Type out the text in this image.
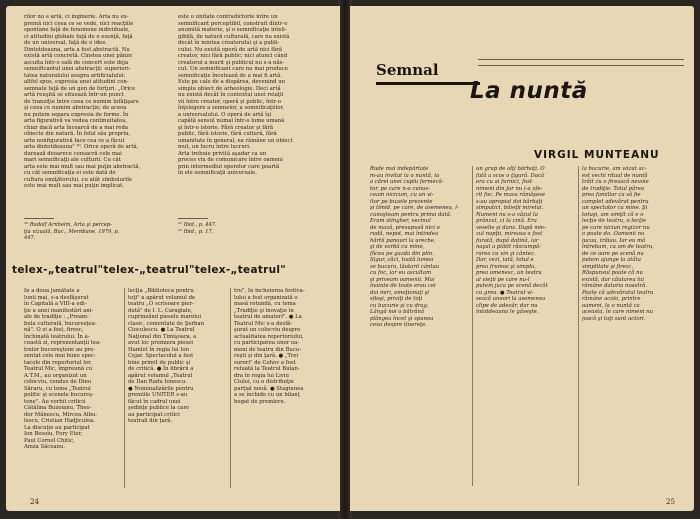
rilor nu e artă, ci inginerie. Arta nu ex-
premă nici ceea ce se vede, nici reacţiile
spontane faţă de fenomene individuale,
ci atitudini globale faţă de o esenţă, faţă
de un universal, faţă de o idee.
Dintotdeauna, arta a fost abstractă. Nu
există artă concretă. Cinstea unei pânze
asculta într-o sală de concert este deja
semnificantul unei abstracţii: superiori-
tatea naturalului asupra artificialului;
altfel spus, expresia unei atitudini con-
semnate faţă de un gen de forţuri. „Orice
artă reuşită se situează într-un punct
de tranziţie între ceea ce numim înfăţişare
şi ceea ce numim abstracţie; de aceea
nu putem separa expresia de forme. În
arta figurativă va vedea continuitatea,
chiar dacă arta încearcă de a mai reda
obiecte din natură. În felul său propriu,
arta nonfigurativă face cea ce a făcut
arta dintotdeauna" ¹⁰. Orice operă de artă,
durează deoarece consacră cele mai
mari semnificaţii ale culturii. Cu cât
arta este mai mult sau mai puţin abstractă,
cu cât semnificaţia ei este dată de
cultura emiţătorului, cu atât simbolurile
este mai mult sau mai puţin implicat.
este o unitate contradictorie între un
semnificant perceptibil, construit dintr-o
anumită materie, şi o semnificaţie inteli-
gibilă, de natură culturală, care nu există
decât în mintea creatorului şi a publi-
cului. Nu există operă de artă nici fără
creator, nici fără public; nici atunci când
creatorul a murit şi publicul nu s-a năs-
cut. Un semnificant care nu mai produce
semnificaţie încetează de a mai fi artă.
Este pe cale de a dispărea, devenind un
simplu obiect de arheologie. Deci artă
nu există decât în contextul unei relaţii
vii între creator, operă şi public, într-o
înţelegere a semnelor, a semnificaţiilor,
a universalului. O operă de artă îşi
capătă sensul numai într-o lume umană
şi într-o istorie. Fără creator şi fără
public, fără istorie, fără cultură, fără
umanitate în general, ea rămâne un obiect
mut, un lucru între lucruri.
Arta trebuie privită aşadar ca un
proces viu de comunicare între oameni
prin intermediul operelor care poartă
în ele semnificaţii universale.
¹⁰ Rudolf Arnheim, Arta şi percep-
ţia vizuală, Buc., Meridiane, 1979, p.
447.
¹¹ Ibid., p. 447.
¹² Ibid., p. 17.
telex-„teatrul"telex-„teatrul"telex-„teatrul"
În a doua jumătate a
lunii mai, s-a desfăşurat
în Capitală a VIII-a edi-
ţie a unei manifestări ani-
ale de tradiţie : „Pream-
bula culturală, bucuresţea-
nă". O zi a fost, firesc,
închinată teatrului. În a-
ceastă zi, reprezentanţii tea-
trelor bucureştene au pre-
zentat cele mai bune spec-
tacole din repertoriul lor.
Teatrul Mic, împreună cu
A.T.M., au organizat un
colocviu, condus de Dinu
Săraru, cu tema „Teatrul
politic şi scenele bucureş-
tene". Au vorbit criticii
Cătălina Buzoianu, Theo-
dor Mănescu, Mircea Albu-
lescu, Cristian Hadjiculea.
La discuţie au participat
Ion Besoiu, Fory Eter,
Paul Cornel Chitic,
Amza Săceanu.
lecţia „Biblioteca pentru
toţi" a apărut volumul de
teatru „O scrisoare pier-
dută" de I. L. Caragiale,
cuprinzând piesele marelui
clasic, comentate de Şerban
Cioculescu. ● La Teatrul
Naţional din Timişoara, a
avut loc premiera piesei
Hamlet în regia lui Ion
Cojar. Spectacolul a fost
bine primit de public şi
de critică. ● În librării a
apărut volumul „Teatrul
de Dan Radu Ionescu.
● Nominalizările pentru
premiile UNITER s-au
făcut în cadrul unei
şedinţe publice la care
au participat critici
teatrali din ţară.
tru". În încheierea festiva-
lului a fost organizată o
masă rotundă, cu tema
„Tradiţie şi inovaţie în
teatrul de amatori". ● La
Teatrul Mic s-a desfă-
şurat un colocviu despre
actualitatea repertoriului,
cu participarea unor oa-
meni de teatru din Bucu-
reşti şi din ţară. ● „Trei
surori" de Cehov a fost
reluată la Teatrul Bulan-
dra în regia lui Liviu
Ciulei, cu o distribuţie
parţial nouă. ● Stagiunea
a se închide cu un bilanţ
bogat de premiere.
24
Semnal
La nuntă
VIRGIL MUNTEANU
Rude mai îndepărtate
m-au invitat la o nuntă, la
a cărei unei cuplu fermecă-
tor, pe care n-o cunos-
ceam nicicum, cu un vi-
itor pe buzele prezente
şi timid, pe care, de asemenea, l-
cunoşteam pentru prima dată.
Eram stingher, vecinul
de masă, presupusă nici o
rudă, nepot, mai întindea
hârtii panouri la ureche,
şi de vorbă cu mine,
făcea pe gazda din plin.
Sigur, căci, toată lumea
se bucura, lăutarii cântau
cu foc, iar eu ascultam
şi priveam oamenii. Mai
înainte de toate erau cei
doi miri, emoţionaţi şi
sfioşi, priviţi de toţi
cu bucurie şi cu drag.
Lângă noi o bătrână
plângea încet şi spunea
ceva despre tinereţe.
un grup de alţi bărbaţi. O
fată a scos o ţigară. Dacă
era cu ai furnici, fost
nimeni din jur nu i-a ofe-
rit foc. Pe masa rămăşese
s-au apropiat doi bărbaţi
simpatici, băieţii mirelui.
Numeni nu s-a văzut la
prânzul, ci la cină. Era
veselie şi dans. După mie-
zul nopţii, mireasa a fost
furată, după datină, iar
naşul a plătit răscumpă-
rarea cu vin şi cântec.
Dar, vezi, iată, totul e
prea frumos şi simplu,
prea omenesc, un teatru
al vieţii pe care nu-l
putem juca pe scenă decât
cu greu. ● Teatrul vi-
sează uneori la asemenea
clipe de adevăr, dar nu
întotdeauna le găseşte.
la bucurie, am văzut ac-
est vechi ritual de nuntă
trăit cu o firească nevoie
de tradiţie. Totul părea
prea familiar ca să fie
complet adevărat pentru
un spectator ca mine. Şi
totuşi, am simţit că e o
lecţie de teatru, o lecţie
pe care niciun regizor nu
o poate da. Oamenii nu
jucau, trăiau. Iar eu mă
întrebam, ca om de teatru,
de ce oare pe scenă nu
putem ajunge la atâta
simplitate şi firesc.
Răspunsul poate că nu
există, dar căutarea lui
rămâne datoria noastră.
Poate că adevăratul teatru
rămâne acolo, printre
oameni, la o nuntă ca
aceasta, în care nimeni nu
joacă şi toţi sunt actori.
25
